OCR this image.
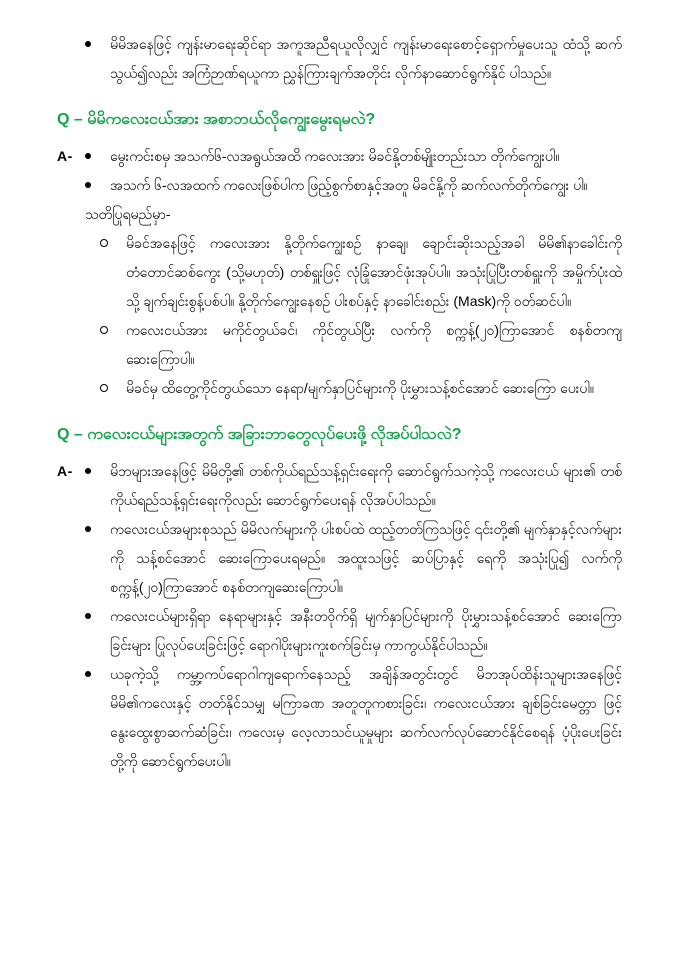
မိမိအနေဖြင့် ကျန်းမာရေးဆိုင်ရာ အကူအညီရယူလိုလျှင် ကျန်းမာရေးစောင့်ရှောက်မှုပေးသူ ထံသို့ ဆက်သွယ်၍လည်း အကြံဉာဏ်ရယူကာ ညွှန်ကြားချက်အတိုင်း လိုက်နာဆောင်ရွက်နိုင် ပါသည်။
Q – မိမိကလေးငယ်အား အစာဘယ်လိုကျွေးမွေးရမလဲ?
A-	မွေးကင်းစမှ အသက်၆-လအရွယ်အထိ ကလေးအား မိခင်နို့တစ်မျိုးတည်းသာ တိုက်ကျွေးပါ။
အသက် ၆-လအထက် ကလေးဖြစ်ပါက ဖြည့်စွက်စာနှင့်အတူ မိခင်နို့ကို ဆက်လက်တိုက်ကျွေး ပါ။
သတိပြုရမည်မှာ-
မိခင်အနေဖြင့် ကလေးအား နို့တိုက်ကျွေးစဉ် နာချေ၊ ချောင်းဆိုးသည့်အခါ မိမိ၏နာခေါင်းကို တံတောင်ဆစ်ကွေး (သို့မဟုတ်) တစ်ရှူးဖြင့် လုံခြုံအောင်ဖုံးအုပ်ပါ။ အသုံးပြုပြီးတစ်ရှူးကို အမှိုက်ပုံးထဲသို့ ချက်ချင်းစွန့်ပစ်ပါ။ နို့တိုက်ကျွေးနေစဉ် ပါးစပ်နှင့် နာခေါင်းစည်း (Mask)ကို ဝတ်ဆင်ပါ။
ကလေးငယ်အား မကိုင်တွယ်ခင်၊ ကိုင်တွယ်ပြီး လက်ကို စက္ကန့်(၂၀)ကြာအောင် စနစ်တကျ ဆေးကြောပါ။
မိခင်မှ ထိတွေ့ကိုင်တွယ်သော နေရာ/မျက်နှာပြင်များကို ပိုးမွှားသန့်စင်အောင် ဆေးကြော ပေးပါ။
Q – ကလေးငယ်များအတွက် အခြားဘာတွေလုပ်ပေးဖို့ လိုအပ်ပါသလဲ?
A-	မိဘများအနေဖြင့် မိမိတို့၏ တစ်ကိုယ်ရည်သန့်ရှင်းရေးကို ဆောင်ရွက်သကဲ့သို့ ကလေးငယ် များ၏ တစ်ကိုယ်ရည်သန့်ရှင်းရေးကိုလည်း ဆောင်ရွက်ပေးရန် လိုအပ်ပါသည်။
ကလေးငယ်အများစုသည် မိမိလက်များကို ပါးစပ်ထဲ ထည့်တတ်ကြသဖြင့် ၎င်းတို့၏ မျက်နှာနှင့်လက်များကို သန့်စင်အောင် ဆေးကြောပေးရမည်။ အထူးသဖြင့် ဆပ်ပြာနှင့် ရေကို အသုံးပြု၍ လက်ကို စက္ကန့်(၂၀)ကြာအောင် စနစ်တကျဆေးကြောပါ။
ကလေးငယ်များရှိရာ နေရာများနှင့် အနီးတဝိုက်ရှိ မျက်နှာပြင်များကို ပိုးမွှားသန့်စင်အောင် ဆေးကြောခြင်းများ ပြုလုပ်ပေးခြင်းဖြင့် ရောဂါပိုးများကူးစက်ခြင်းမှ ကာကွယ်နိုင်ပါသည်။
ယခုကဲ့သို့ ကမ္ဘာ့ကပ်ရောဂါကျရောက်နေသည့် အချိန်အတွင်းတွင် မိဘအုပ်ထိန်းသူများအနေဖြင့် မိမိ၏ကလေးနှင့် တတ်နိုင်သမျှ မကြာခဏ အတူတူကစားခြင်း၊ ကလေးငယ်အား ချစ်ခြင်းမေတ္တာ ဖြင့် နွေးထွေးစွာဆက်ဆံခြင်း၊ ကလေးမှ လေ့လာသင်ယူမှုများ ဆက်လက်လုပ်ဆောင်နိုင်စေရန် ပံ့ပိုးပေးခြင်းတို့ကို ဆောင်ရွက်ပေးပါ။
